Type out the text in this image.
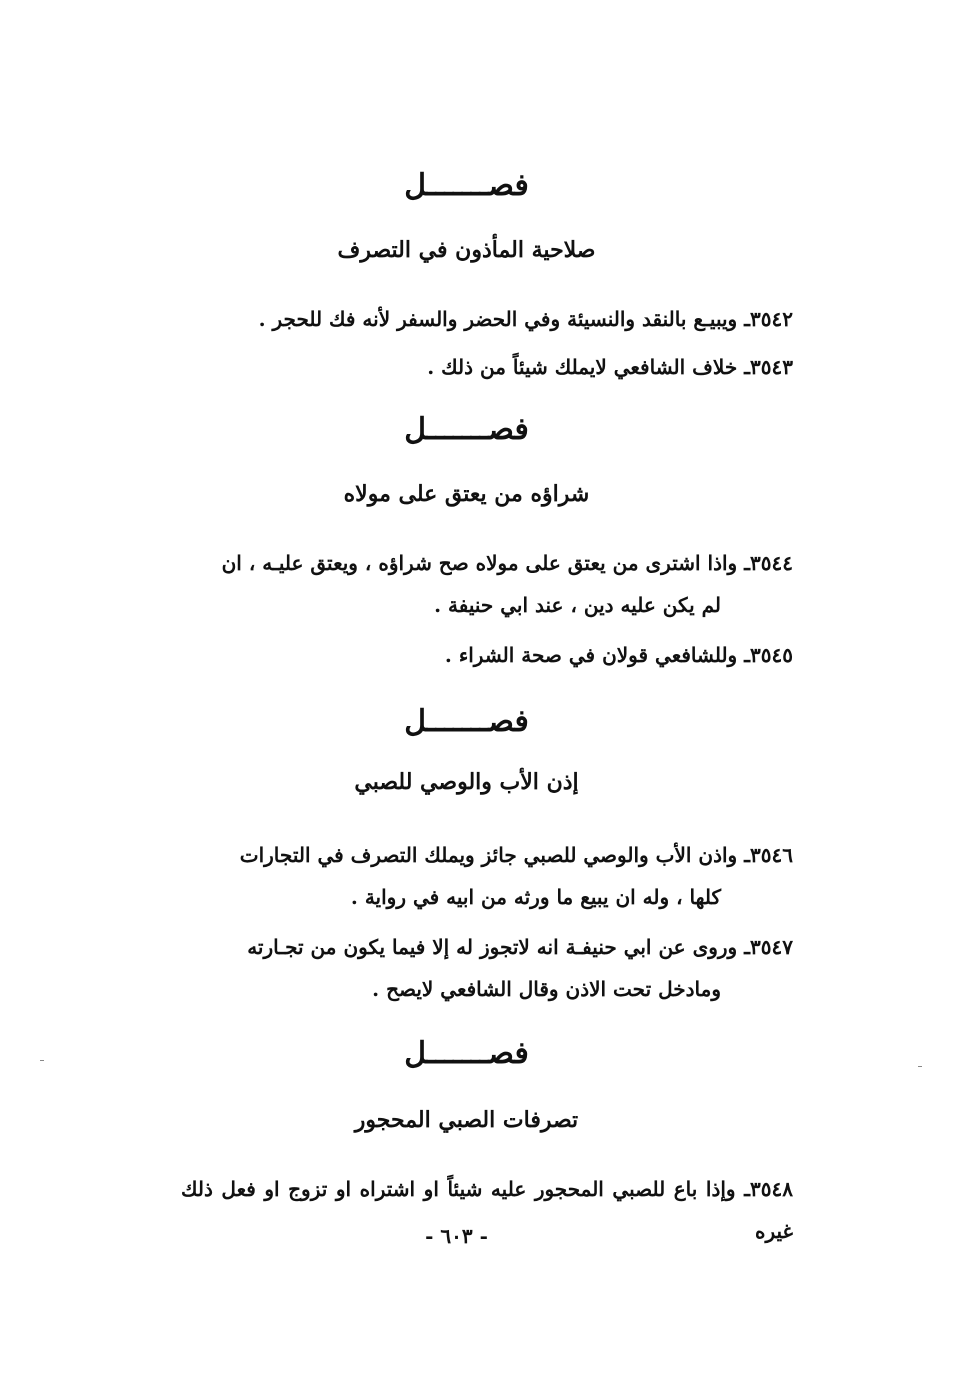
فصـــــــل
صلاحية المأذون في التصرف
٣٥٤٢ـ ويبيـع بالنقد والنسيئة وفي الحضر والسفر لأنه فك للحجر .
٣٥٤٣ـ خلاف الشافعي لايملك شيئاً من ذلك .
فصـــــــل
شراؤه من يعتق على مولاه
٣٥٤٤ـ واذا اشترى من يعتق على مولاه صح شراؤه ، ويعتق عليـه ، ان
لم يكن عليه دين ، عند ابي حنيفة .
٣٥٤٥ـ وللشافعي قولان في صحة الشراء .
فصـــــــل
إذن الأب والوصي للصبي
٣٥٤٦ـ واذن الأب والوصي للصبي جائز ويملك التصرف في التجارات
كلها ، وله ان يبيع ما ورثه من ابيه في رواية .
٣٥٤٧ـ وروى عن ابي حنيفـة انه لاتجوز له إلا فيما يكون من تجـارته
ومادخل تحت الاذن وقال الشافعي لايصح .
فصـــــــل
تصرفات الصبي المحجور
٣٥٤٨ـ وإذا باع للصبي المحجور عليه شيئاً او اشتراه او تزوج او فعل ذلك غيره
- ٦٠٣ -
